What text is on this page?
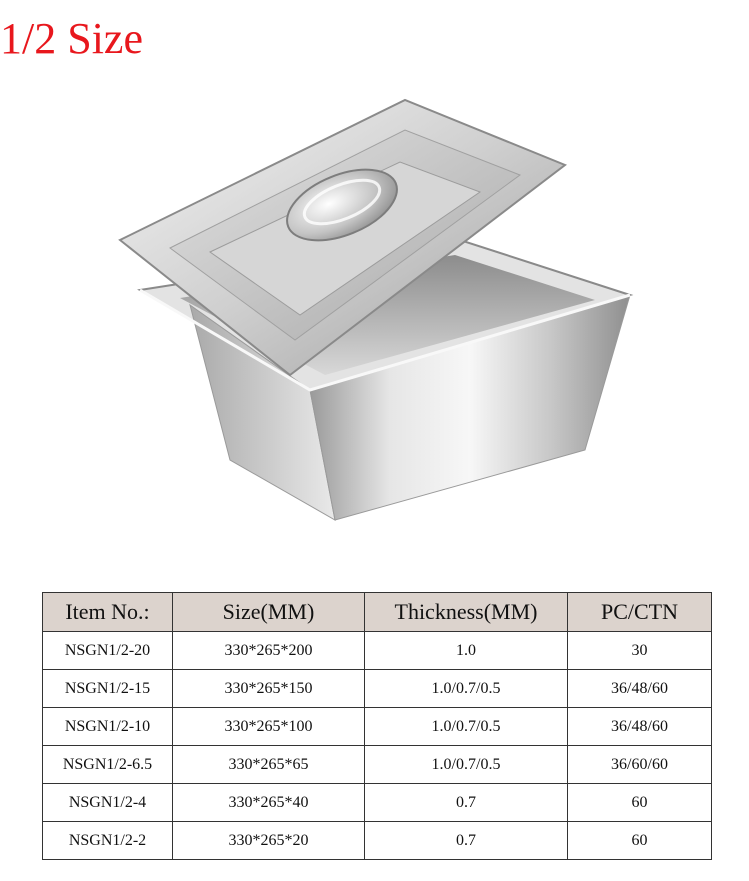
1/2 Size
Item No.:	Size(MM)	Thickness(MM)	PC/CTN
NSGN1/2-20	330*265*200	1.0	30
NSGN1/2-15	330*265*150	1.0/0.7/0.5	36/48/60
NSGN1/2-10	330*265*100	1.0/0.7/0.5	36/48/60
NSGN1/2-6.5	330*265*65	1.0/0.7/0.5	36/60/60
NSGN1/2-4	330*265*40	0.7	60
NSGN1/2-2	330*265*20	0.7	60
